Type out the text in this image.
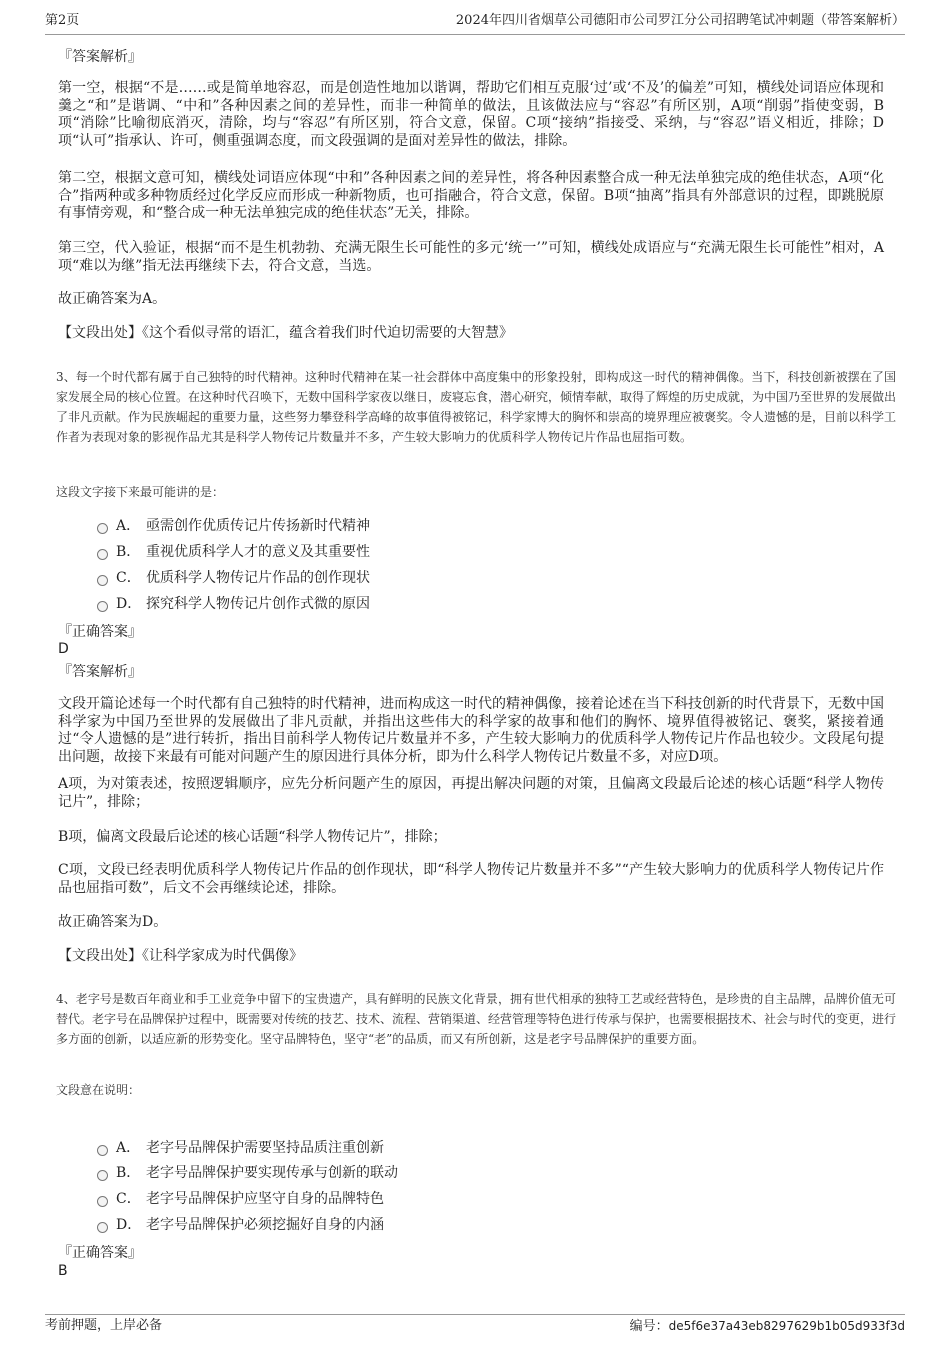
第2页	2024年四川省烟草公司德阳市公司罗江分公司招聘笔试冲刺题（带答案解析）
『答案解析』
第一空，根据“不是……或是简单地容忍，而是创造性地加以谐调，帮助它们相互克服‘过’或‘不及’的偏差”可知，横线处词语应体现和羹之“和”是谐调、“中和”各种因素之间的差异性，而非一种简单的做法，且该做法应与“容忍”有所区别，A项“削弱”指使变弱，B项“消除”比喻彻底消灭，清除，均与“容忍”有所区别，符合文意，保留。C项“接纳”指接受、采纳，与“容忍”语义相近，排除；D项“认可”指承认、许可，侧重强调态度，而文段强调的是面对差异性的做法，排除。
第二空，根据文意可知，横线处词语应体现“中和”各种因素之间的差异性，将各种因素整合成一种无法单独完成的绝佳状态，A项“化合”指两种或多种物质经过化学反应而形成一种新物质，也可指融合，符合文意，保留。B项“抽离”指具有外部意识的过程，即跳脱原有事情旁观，和“整合成一种无法单独完成的绝佳状态”无关，排除。
第三空，代入验证，根据“而不是生机勃勃、充满无限生长可能性的多元‘统一’”可知，横线处成语应与“充满无限生长可能性”相对，A项“难以为继”指无法再继续下去，符合文意，当选。
故正确答案为A。
【文段出处】《这个看似寻常的语汇，蕴含着我们时代迫切需要的大智慧》
3、每一个时代都有属于自己独特的时代精神。这种时代精神在某一社会群体中高度集中的形象投射，即构成这一时代的精神偶像。当下，科技创新被摆在了国家发展全局的核心位置。在这种时代召唤下，无数中国科学家夜以继日，废寝忘食，潜心研究，倾情奉献，取得了辉煌的历史成就，为中国乃至世界的发展做出了非凡贡献。作为民族崛起的重要力量，这些努力攀登科学高峰的故事值得被铭记，科学家博大的胸怀和崇高的境界理应被褒奖。令人遗憾的是，目前以科学工作者为表现对象的影视作品尤其是科学人物传记片数量并不多，产生较大影响力的优质科学人物传记片作品也屈指可数。
这段文字接下来最可能讲的是：
A． 亟需创作优质传记片传扬新时代精神
B． 重视优质科学人才的意义及其重要性
C． 优质科学人物传记片作品的创作现状
D． 探究科学人物传记片创作式微的原因
『正确答案』
D
『答案解析』
文段开篇论述每一个时代都有自己独特的时代精神，进而构成这一时代的精神偶像，接着论述在当下科技创新的时代背景下，无数中国科学家为中国乃至世界的发展做出了非凡贡献，并指出这些伟大的科学家的故事和他们的胸怀、境界值得被铭记、褒奖，紧接着通过“令人遗憾的是”进行转折，指出目前科学人物传记片数量并不多，产生较大影响力的优质科学人物传记片作品也较少。文段尾句提出问题，故接下来最有可能对问题产生的原因进行具体分析，即为什么科学人物传记片数量不多，对应D项。
A项，为对策表述，按照逻辑顺序，应先分析问题产生的原因，再提出解决问题的对策，且偏离文段最后论述的核心话题“科学人物传记片”，排除；
B项，偏离文段最后论述的核心话题“科学人物传记片”，排除；
C项，文段已经表明优质科学人物传记片作品的创作现状，即“科学人物传记片数量并不多”“产生较大影响力的优质科学人物传记片作品也屈指可数”，后文不会再继续论述，排除。
故正确答案为D。
【文段出处】《让科学家成为时代偶像》
4、老字号是数百年商业和手工业竞争中留下的宝贵遗产，具有鲜明的民族文化背景，拥有世代相承的独特工艺或经营特色，是珍贵的自主品牌，品牌价值无可替代。老字号在品牌保护过程中，既需要对传统的技艺、技术、流程、营销渠道、经营管理等特色进行传承与保护，也需要根据技术、社会与时代的变更，进行多方面的创新，以适应新的形势变化。坚守品牌特色，坚守“老”的品质，而又有所创新，这是老字号品牌保护的重要方面。
文段意在说明：
A． 老字号品牌保护需要坚持品质注重创新
B． 老字号品牌保护要实现传承与创新的联动
C． 老字号品牌保护应坚守自身的品牌特色
D． 老字号品牌保护必须挖掘好自身的内涵
『正确答案』
B
考前押题，上岸必备	编号：de5f6e37a43eb8297629b1b05d933f3d
